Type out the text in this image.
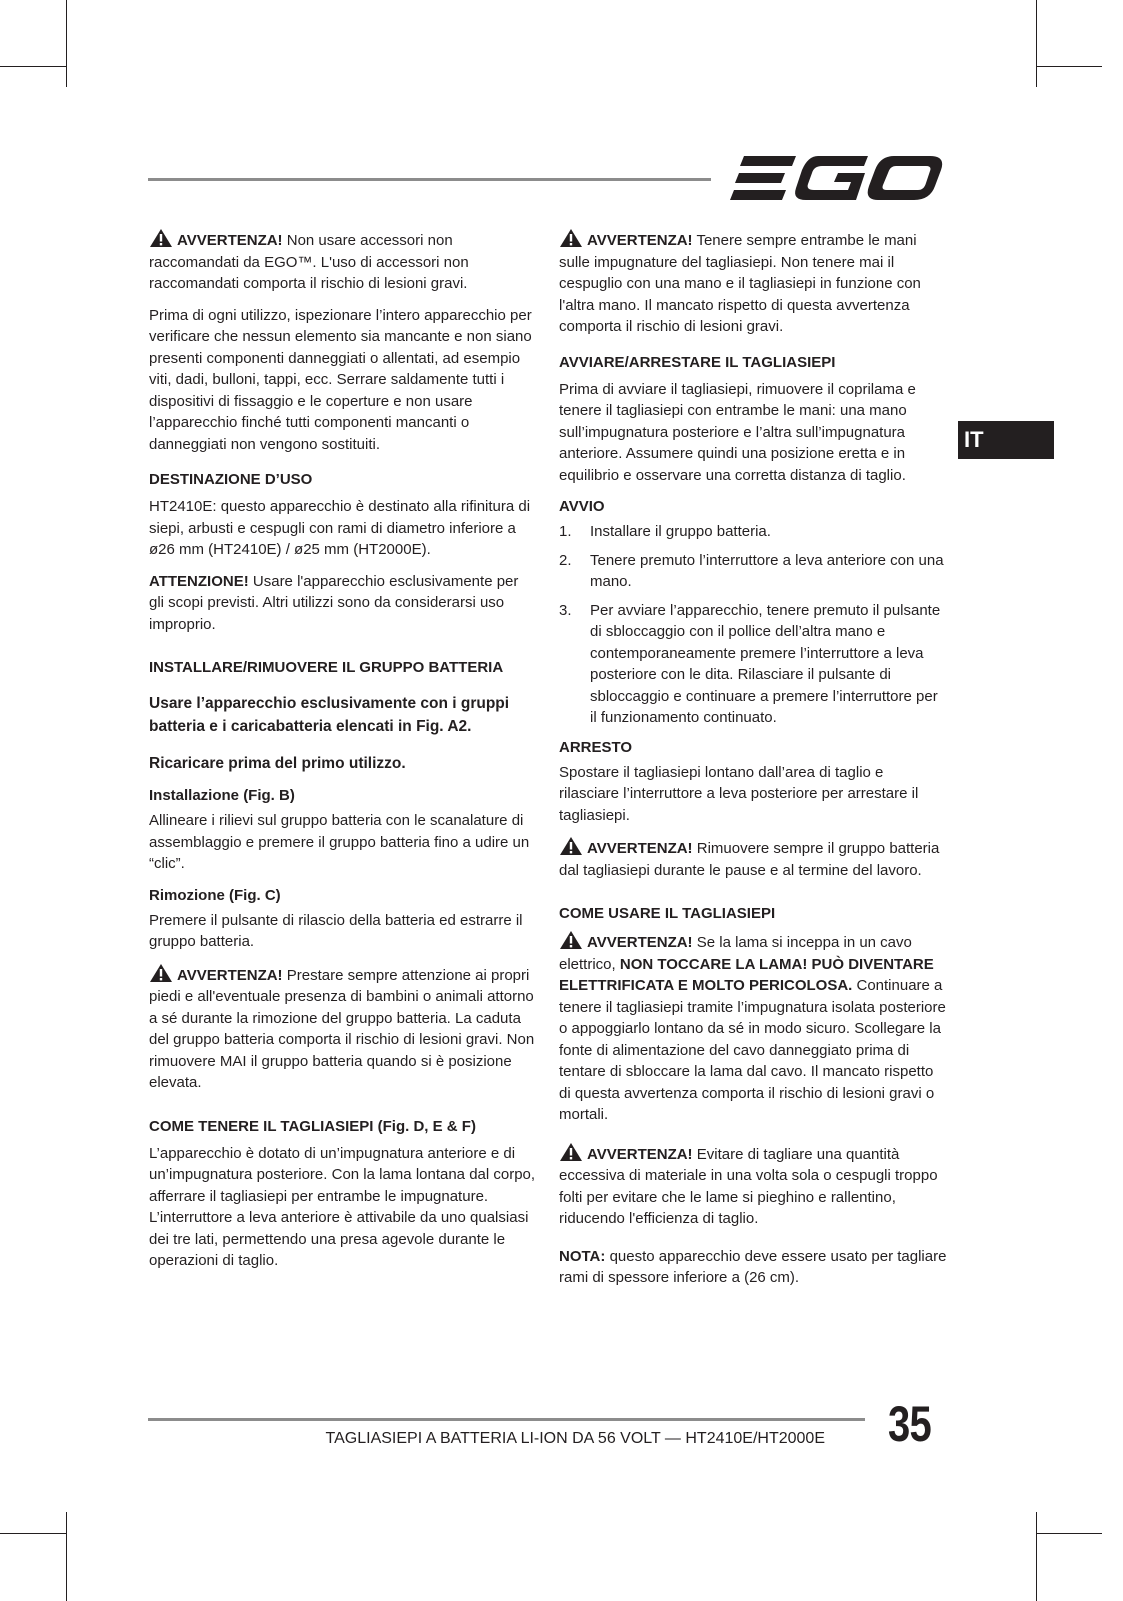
IT

AVVERTENZA! Non usare accessori non raccomandati da EGO™. L'uso di accessori non raccomandati comporta il rischio di lesioni gravi.

Prima di ogni utilizzo, ispezionare l’intero apparecchio per verificare che nessun elemento sia mancante e non siano presenti componenti danneggiati o allentati, ad esempio viti, dadi, bulloni, tappi, ecc. Serrare saldamente tutti i dispositivi di fissaggio e le coperture e non usare l’apparecchio finché tutti componenti mancanti o danneggiati non vengono sostituiti.

DESTINAZIONE D’USO

HT2410E: questo apparecchio è destinato alla rifinitura di siepi, arbusti e cespugli con rami di diametro inferiore a ø26 mm (HT2410E) / ø25 mm (HT2000E).

ATTENZIONE! Usare l'apparecchio esclusivamente per gli scopi previsti. Altri utilizzi sono da considerarsi uso improprio.

INSTALLARE/RIMUOVERE IL GRUPPO BATTERIA

Usare l’apparecchio esclusivamente con i gruppi batteria e i caricabatteria elencati in Fig. A2.

Ricaricare prima del primo utilizzo.

Installazione (Fig. B)

Allineare i rilievi sul gruppo batteria con le scanalature di assemblaggio e premere il gruppo batteria fino a udire un “clic”.

Rimozione (Fig. C)

Premere il pulsante di rilascio della batteria ed estrarre il gruppo batteria.

AVVERTENZA! Prestare sempre attenzione ai propri piedi e all'eventuale presenza di bambini o animali attorno a sé durante la rimozione del gruppo batteria. La caduta del gruppo batteria comporta il rischio di lesioni gravi. Non rimuovere MAI il gruppo batteria quando si è posizione elevata.

COME TENERE IL TAGLIASIEPI (Fig. D, E & F)

L’apparecchio è dotato di un’impugnatura anteriore e di un’impugnatura posteriore. Con la lama lontana dal corpo, afferrare il tagliasiepi per entrambe le impugnature. L’interruttore a leva anteriore è attivabile da uno qualsiasi dei tre lati, permettendo una presa agevole durante le operazioni di taglio.

AVVERTENZA! Tenere sempre entrambe le mani sulle impugnature del tagliasiepi. Non tenere mai il cespuglio con una mano e il tagliasiepi in funzione con l'altra mano. Il mancato rispetto di questa avvertenza comporta il rischio di lesioni gravi.

AVVIARE/ARRESTARE IL TAGLIASIEPI

Prima di avviare il tagliasiepi, rimuovere il coprilama e tenere il tagliasiepi con entrambe le mani: una mano sull’impugnatura posteriore e l’altra sull’impugnatura anteriore. Assumere quindi una posizione eretta e in equilibrio e osservare una corretta distanza di taglio.

AVVIO
1. Installare il gruppo batteria.
2. Tenere premuto l’interruttore a leva anteriore con una mano.
3. Per avviare l’apparecchio, tenere premuto il pulsante di sbloccaggio con il pollice dell’altra mano e contemporaneamente premere l’interruttore a leva posteriore con le dita. Rilasciare il pulsante di sbloccaggio e continuare a premere l’interruttore per il funzionamento continuato.
ARRESTO

Spostare il tagliasiepi lontano dall’area di taglio e rilasciare l’interruttore a leva posteriore per arrestare il tagliasiepi.

AVVERTENZA! Rimuovere sempre il gruppo batteria dal tagliasiepi durante le pause e al termine del lavoro.

COME USARE IL TAGLIASIEPI

AVVERTENZA! Se la lama si inceppa in un cavo elettrico, NON TOCCARE LA LAMA! PUÒ DIVENTARE ELETTRIFICATA E MOLTO PERICOLOSA. Continuare a tenere il tagliasiepi tramite l’impugnatura isolata posteriore o appoggiarlo lontano da sé in modo sicuro. Scollegare la fonte di alimentazione del cavo danneggiato prima di tentare di sbloccare la lama dal cavo. Il mancato rispetto di questa avvertenza comporta il rischio di lesioni gravi o mortali.

AVVERTENZA! Evitare di tagliare una quantità eccessiva di materiale in una volta sola o cespugli troppo folti per evitare che le lame si pieghino e rallentino, riducendo l'efficienza di taglio.

NOTA: questo apparecchio deve essere usato per tagliare rami di spessore inferiore a (26 cm).

TAGLIASIEPI A BATTERIA LI-ION DA 56 VOLT — HT2410E/HT2000E 35
